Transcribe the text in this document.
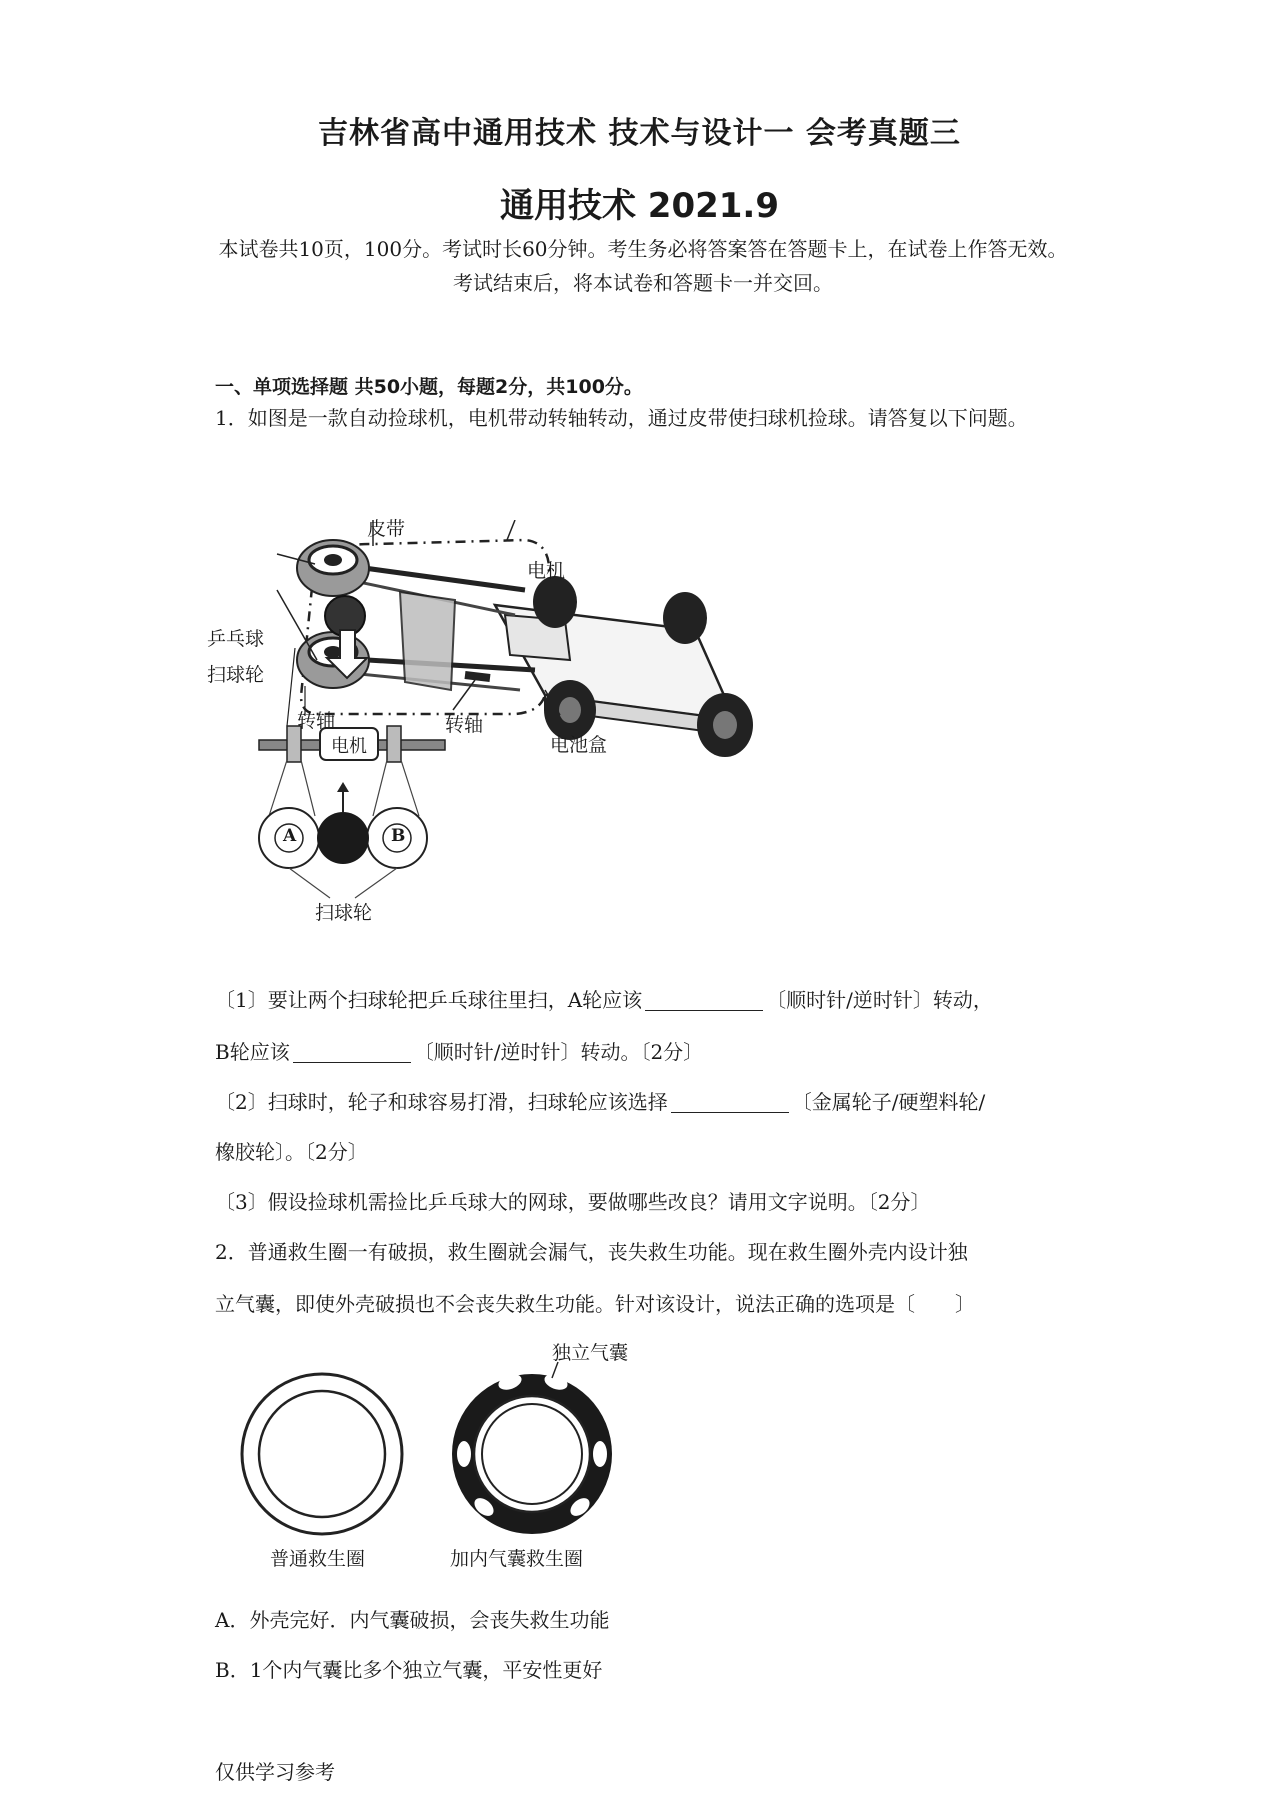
吉林省高中通用技术 技术与设计一 会考真题三
通用技术 2021.9
本试卷共10页，100分。考试时长60分钟。考生务必将答案答在答题卡上，在试卷上作答无效。考试结束后，将本试卷和答题卡一并交回。
一、单项选择题 共50小题，每题2分，共100分。
1．如图是一款自动捡球机，电机带动转轴转动，通过皮带使扫球机捡球。请答复以下问题。
皮带
电机
乒乓球
扫球轮
转轴	转轴
电池盒
电机
A	B
扫球轮
〔1〕要让两个扫球轮把乒乓球往里扫，A轮应该	〔顺时针/逆时针〕转动，
B轮应该	〔顺时针/逆时针〕转动。〔2分〕
〔2〕扫球时，轮子和球容易打滑，扫球轮应该选择	〔金属轮子/硬塑料轮/
橡胶轮〕。〔2分〕
〔3〕假设捡球机需捡比乒乓球大的网球，要做哪些改良？请用文字说明。〔2分〕
2．普通救生圈一有破损，救生圈就会漏气，丧失救生功能。现在救生圈外壳内设计独
立气囊，即使外壳破损也不会丧失救生功能。针对该设计，说法正确的选项是〔　　〕
独立气囊
普通救生圈	加内气囊救生圈
A．外壳完好．内气囊破损，会丧失救生功能
B．1个内气囊比多个独立气囊，平安性更好
仅供学习参考
